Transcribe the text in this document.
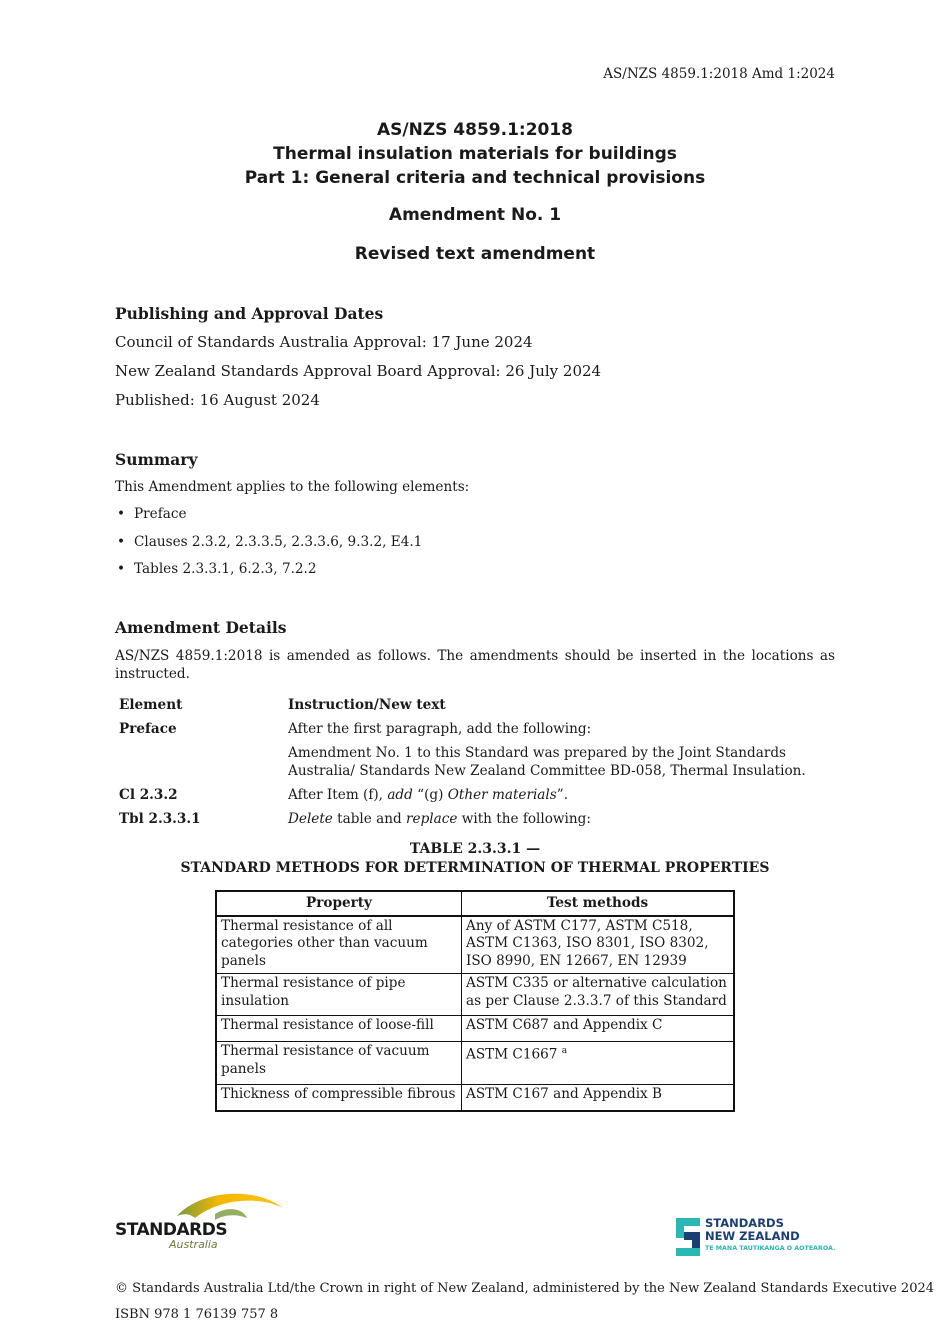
AS/NZS 4859.1:2018 Amd 1:2024
AS/NZS 4859.1:2018
Thermal insulation materials for buildings
Part 1: General criteria and technical provisions
Amendment No. 1
Revised text amendment
Publishing and Approval Dates
Council of Standards Australia Approval: 17 June 2024
New Zealand Standards Approval Board Approval: 26 July 2024
Published: 16 August 2024
Summary
This Amendment applies to the following elements:
• Preface
• Clauses 2.3.2, 2.3.3.5, 2.3.3.6, 9.3.2, E4.1
• Tables 2.3.3.1, 6.2.3, 7.2.2
Amendment Details
AS/NZS 4859.1:2018 is amended as follows. The amendments should be inserted in the locations as instructed.
Element	Instruction/New text
Preface	After the first paragraph, add the following:
Amendment No. 1 to this Standard was prepared by the Joint Standards Australia/ Standards New Zealand Committee BD-058, Thermal Insulation.
Cl 2.3.2	After Item (f), add “(g) Other materials”.
Tbl 2.3.3.1	Delete table and replace with the following:
TABLE 2.3.3.1 —
STANDARD METHODS FOR DETERMINATION OF THERMAL PROPERTIES
Property	Test methods
Thermal resistance of all categories other than vacuum panels	Any of ASTM C177, ASTM C518, ASTM C1363, ISO 8301, ISO 8302, ISO 8990, EN 12667, EN 12939
Thermal resistance of pipe insulation	ASTM C335 or alternative calculation as per Clause 2.3.3.7 of this Standard
Thermal resistance of loose-fill	ASTM C687 and Appendix C
Thermal resistance of vacuum panels	ASTM C1667 $^a$
Thickness of compressible fibrous	ASTM C167 and Appendix B
STANDARDS
Australia
STANDARDS
NEW ZEALAND
TE MANA TAUTIKANGA O AOTEAROA.
© Standards Australia Ltd/the Crown in right of New Zealand, administered by the New Zealand Standards Executive 2024
ISBN 978 1 76139 757 8
